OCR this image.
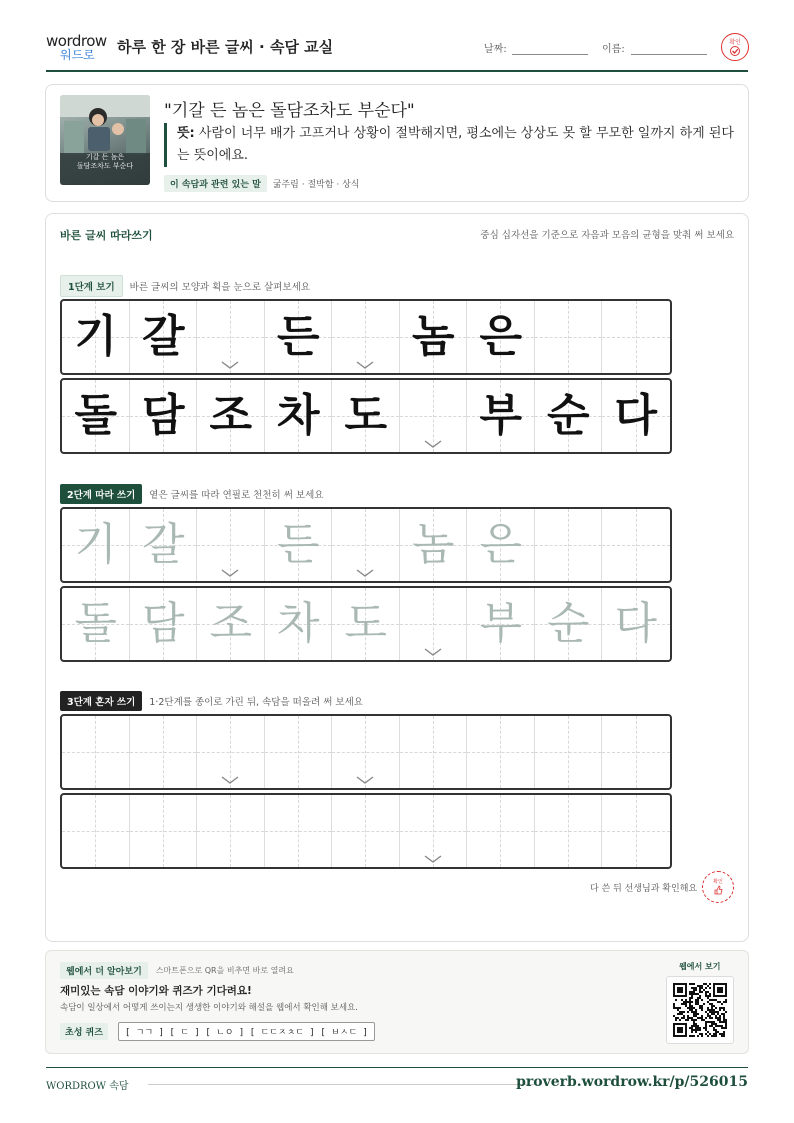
wordrow
워드로	하루 한 장 바른 글씨 · 속담 교실	날짜:	이름:
확인
기갈 든 놈은
돌담조차도 부순다
"기갈 든 놈은 돌담조차도 부순다"
뜻: 사람이 너무 배가 고프거나 상황이 절박해지면, 평소에는 상상도 못 할 무모한 일까지 하게 된다는 뜻이에요.
이 속담과 관련 있는 말	굶주림 · 절박함 · 상식
바른 글씨 따라쓰기	중심 십자선을 기준으로 자음과 모음의 균형을 맞춰 써 보세요
1단계 보기	바른 글씨의 모양과 획을 눈으로 살펴보세요
기 갈 든 놈 은
돌 담 조 차 도 부 순 다
2단계 따라 쓰기	옅은 글씨를 따라 연필로 천천히 써 보세요
기 갈 든 놈 은
돌 담 조 차 도 부 순 다
3단계 혼자 쓰기	1·2단계를 종이로 가린 뒤, 속담을 떠올려 써 보세요
다 쓴 뒤 선생님과 확인해요
확인
웹에서 더 알아보기	스마트폰으로 QR을 비추면 바로 열려요
재미있는 속담 이야기와 퀴즈가 기다려요!
속담이 일상에서 어떻게 쓰이는지 생생한 이야기와 해설을 웹에서 확인해 보세요.
초성 퀴즈	[ ㄱㄱ ] [ ㄷ ] [ ㄴㅇ ] [ ㄷㄷㅈㅊㄷ ] [ ㅂㅅㄷ ]
웹에서 보기
WORDROW 속담	proverb.wordrow.kr/p/526015
